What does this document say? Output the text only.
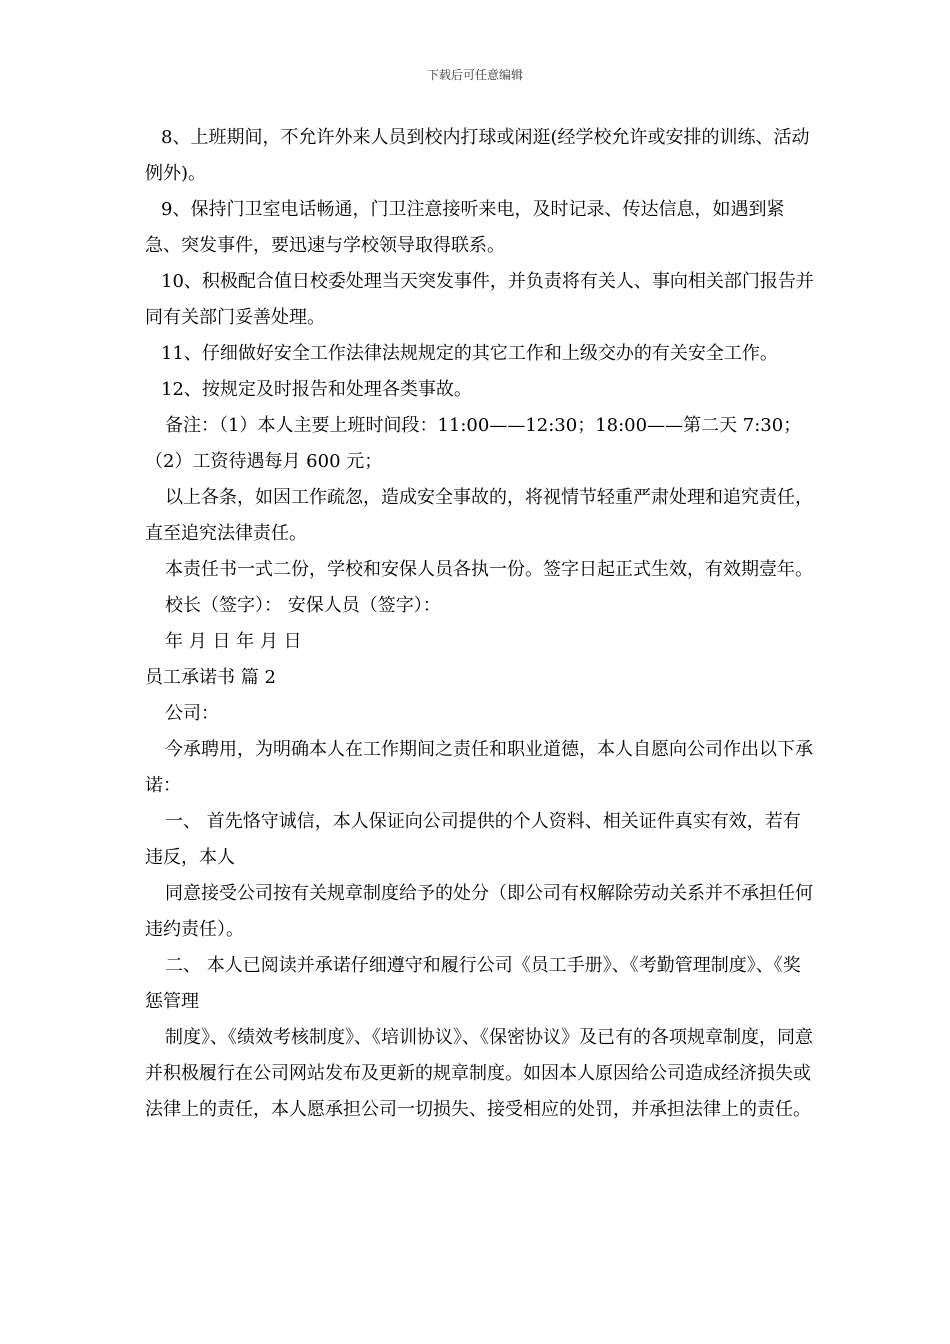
下载后可任意编辑

8、上班期间，不允许外来人员到校内打球或闲逛(经学校允许或安排的训练、活动例外)。

9、保持门卫室电话畅通，门卫注意接听来电，及时记录、传达信息，如遇到紧急、突发事件，要迅速与学校领导取得联系。

10、积极配合值日校委处理当天突发事件，并负责将有关人、事向相关部门报告并同有关部门妥善处理。

11、仔细做好安全工作法律法规规定的其它工作和上级交办的有关安全工作。

12、按规定及时报告和处理各类事故。

备注：（1）本人主要上班时间段：11:00——12:30；18:00——第二天 7:30；（2）工资待遇每月 600 元；

以上各条，如因工作疏忽，造成安全事故的，将视情节轻重严肃处理和追究责任，直至追究法律责任。

本责任书一式二份，学校和安保人员各执一份。签字日起正式生效，有效期壹年。

校长（签字）： 安保人员（签字）：

年 月 日 年 月 日

员工承诺书 篇 2

公司：

今承聘用，为明确本人在工作期间之责任和职业道德，本人自愿向公司作出以下承诺：

一、 首先恪守诚信，本人保证向公司提供的个人资料、相关证件真实有效，若有违反，本人

同意接受公司按有关规章制度给予的处分（即公司有权解除劳动关系并不承担任何违约责任）。

二、 本人已阅读并承诺仔细遵守和履行公司《员工手册》、《考勤管理制度》、《奖惩管理

制度》、《绩效考核制度》、《培训协议》、《保密协议》及已有的各项规章制度，同意并积极履行在公司网站发布及更新的规章制度。如因本人原因给公司造成经济损失或法律上的责任，本人愿承担公司一切损失、接受相应的处罚，并承担法律上的责任。
